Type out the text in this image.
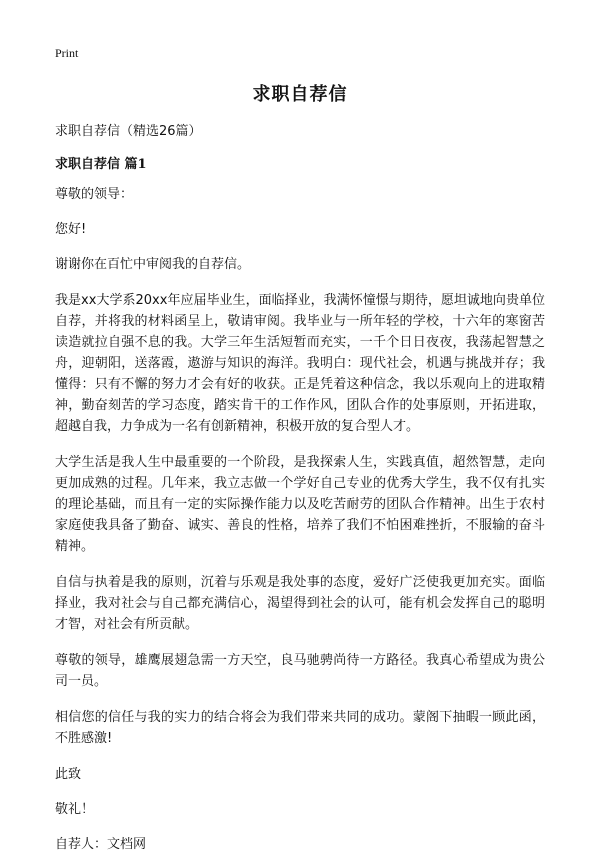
Print
求职自荐信

求职自荐信（精选26篇）

求职自荐信 篇1

尊敬的领导：

您好!

谢谢你在百忙中审阅我的自荐信。

我是xx大学系20xx年应届毕业生，面临择业，我满怀憧憬与期待，愿坦诚地向贵单位自荐，并将我的材料函呈上，敬请审阅。我毕业与一所年轻的学校，十六年的寒窗苦读造就拉自强不息的我。大学三年生活短暂而充实，一千个日日夜夜，我荡起智慧之舟，迎朝阳，送落霞，遨游与知识的海洋。我明白：现代社会，机遇与挑战并存；我懂得：只有不懈的努力才会有好的收获。正是凭着这种信念，我以乐观向上的进取精神，勤奋刻苦的学习态度，踏实肯干的工作作风，团队合作的处事原则，开拓进取，超越自我，力争成为一名有创新精神，积极开放的复合型人才。

大学生活是我人生中最重要的一个阶段，是我探索人生，实践真值，超然智慧，走向更加成熟的过程。几年来，我立志做一个学好自己专业的优秀大学生，我不仅有扎实的理论基础，而且有一定的实际操作能力以及吃苦耐劳的团队合作精神。出生于农村家庭使我具备了勤奋、诚实、善良的性格，培养了我们不怕困难挫折，不服输的奋斗精神。

自信与执着是我的原则，沉着与乐观是我处事的态度，爱好广泛使我更加充实。面临择业，我对社会与自己都充满信心，渴望得到社会的认可，能有机会发挥自己的聪明才智，对社会有所贡献。

尊敬的领导，雄鹰展翅急需一方天空，良马驰骋尚待一方路径。我真心希望成为贵公司一员。

相信您的信任与我的实力的结合将会为我们带来共同的成功。蒙阁下抽暇一顾此函，不胜感激!

此致

敬礼！

自荐人：文档网
